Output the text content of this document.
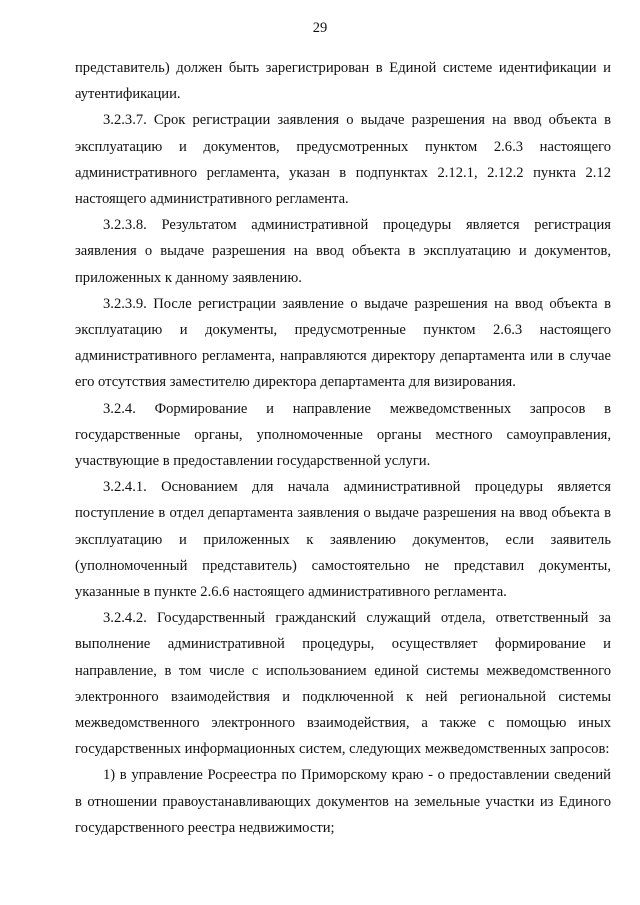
29

представитель) должен быть зарегистрирован в Единой системе идентификации и аутентификации.

3.2.3.7. Срок регистрации заявления о выдаче разрешения на ввод объекта в эксплуатацию и документов, предусмотренных пунктом 2.6.3 настоящего административного регламента, указан в подпунктах 2.12.1, 2.12.2 пункта 2.12 настоящего административного регламента.

3.2.3.8. Результатом административной процедуры является регистрация заявления о выдаче разрешения на ввод объекта в эксплуатацию и документов, приложенных к данному заявлению.

3.2.3.9. После регистрации заявление о выдаче разрешения на ввод объекта в эксплуатацию и документы, предусмотренные пунктом 2.6.3 настоящего административного регламента, направляются директору департамента или в случае его отсутствия заместителю директора департамента для визирования.

3.2.4. Формирование и направление межведомственных запросов в государственные органы, уполномоченные органы местного самоуправления, участвующие в предоставлении государственной услуги.

3.2.4.1. Основанием для начала административной процедуры является поступление в отдел департамента заявления о выдаче разрешения на ввод объекта в эксплуатацию и приложенных к заявлению документов, если заявитель (уполномоченный представитель) самостоятельно не представил документы, указанные в пункте 2.6.6 настоящего административного регламента.

3.2.4.2. Государственный гражданский служащий отдела, ответственный за выполнение административной процедуры, осуществляет формирование и направление, в том числе с использованием единой системы межведомственного электронного взаимодействия и подключенной к ней региональной системы межведомственного электронного взаимодействия, а также с помощью иных государственных информационных систем, следующих межведомственных запросов:

1) в управление Росреестра по Приморскому краю - о предоставлении сведений в отношении правоустанавливающих документов на земельные участки из Единого государственного реестра недвижимости;
